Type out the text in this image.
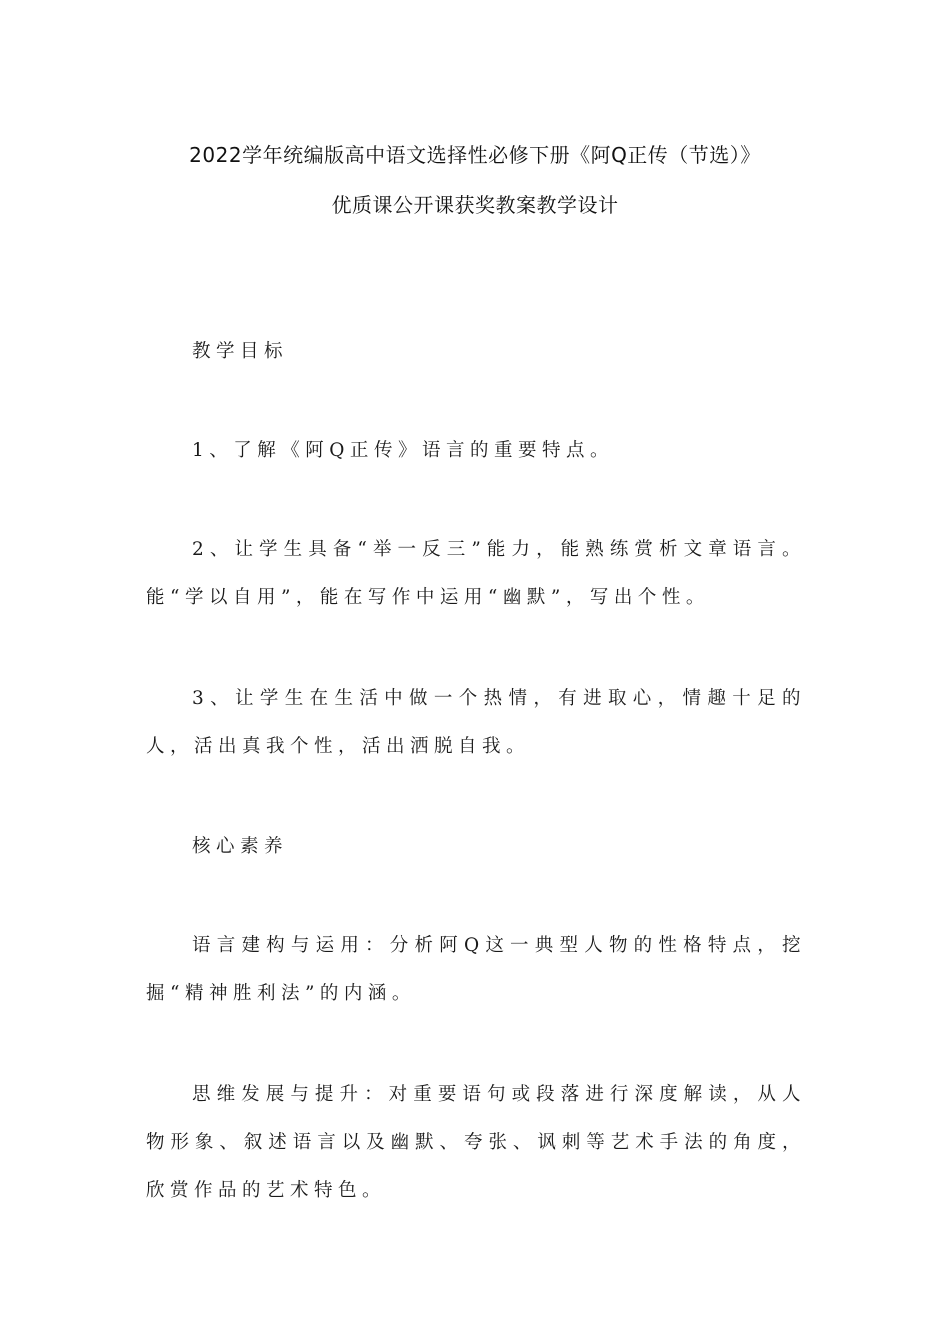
2022学年统编版高中语文选择性必修下册《阿Q正传（节选）》
优质课公开课获奖教案教学设计
教学目标
1、了解《阿Q正传》语言的重要特点。
2、让学生具备“举一反三”能力，能熟练赏析文章语言。能“学以自用”，能在写作中运用“幽默”，写出个性。
3、让学生在生活中做一个热情，有进取心，情趣十足的人，活出真我个性，活出洒脱自我。
核心素养
语言建构与运用：分析阿Q这一典型人物的性格特点，挖掘“精神胜利法”的内涵。
思维发展与提升：对重要语句或段落进行深度解读，从人物形象、叙述语言以及幽默、夸张、讽刺等艺术手法的角度，欣赏作品的艺术特色。
